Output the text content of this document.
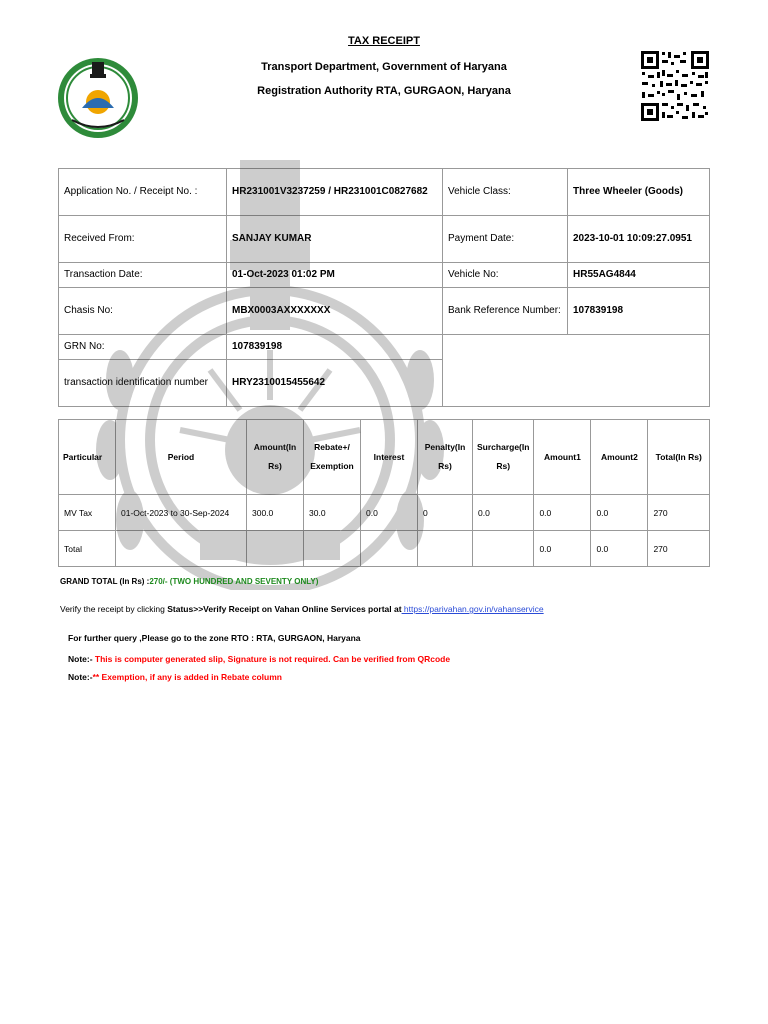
TAX RECEIPT
Transport Department, Government of Haryana
Registration Authority RTA, GURGAON, Haryana
Application No. / Receipt No. :	HR231001V3237259 / HR231001C0827682	Vehicle Class:	Three Wheeler (Goods)
Received From:	SANJAY KUMAR	Payment Date:	2023-10-01 10:09:27.0951
Transaction Date:	01-Oct-2023 01:02 PM	Vehicle No:	HR55AG4844
Chasis No:	MBX0003AXXXXXXX	Bank Reference Number:	107839198
GRN No:	107839198		
transaction identification number	HRY2310015455642		
Particular	Period	Amount(In Rs)	Rebate+/ Exemption	Interest	Penalty(In Rs)	Surcharge(In Rs)	Amount1	Amount2	Total(In Rs)
MV Tax	01-Oct-2023 to 30-Sep-2024	300.0	30.0	0.0	0	0.0	0.0	0.0	270
Total							0.0	0.0	270
GRAND TOTAL (In Rs) :270/- (TWO HUNDRED AND SEVENTY ONLY)
Verify the receipt by clicking Status>>Verify Receipt on Vahan Online Services portal at https://parivahan.gov.in/vahanservice
For further query ,Please go to the zone RTO : RTA, GURGAON, Haryana
Note:- This is computer generated slip, Signature is not required. Can be verified from QRcode
Note:-** Exemption, if any is added in Rebate column
